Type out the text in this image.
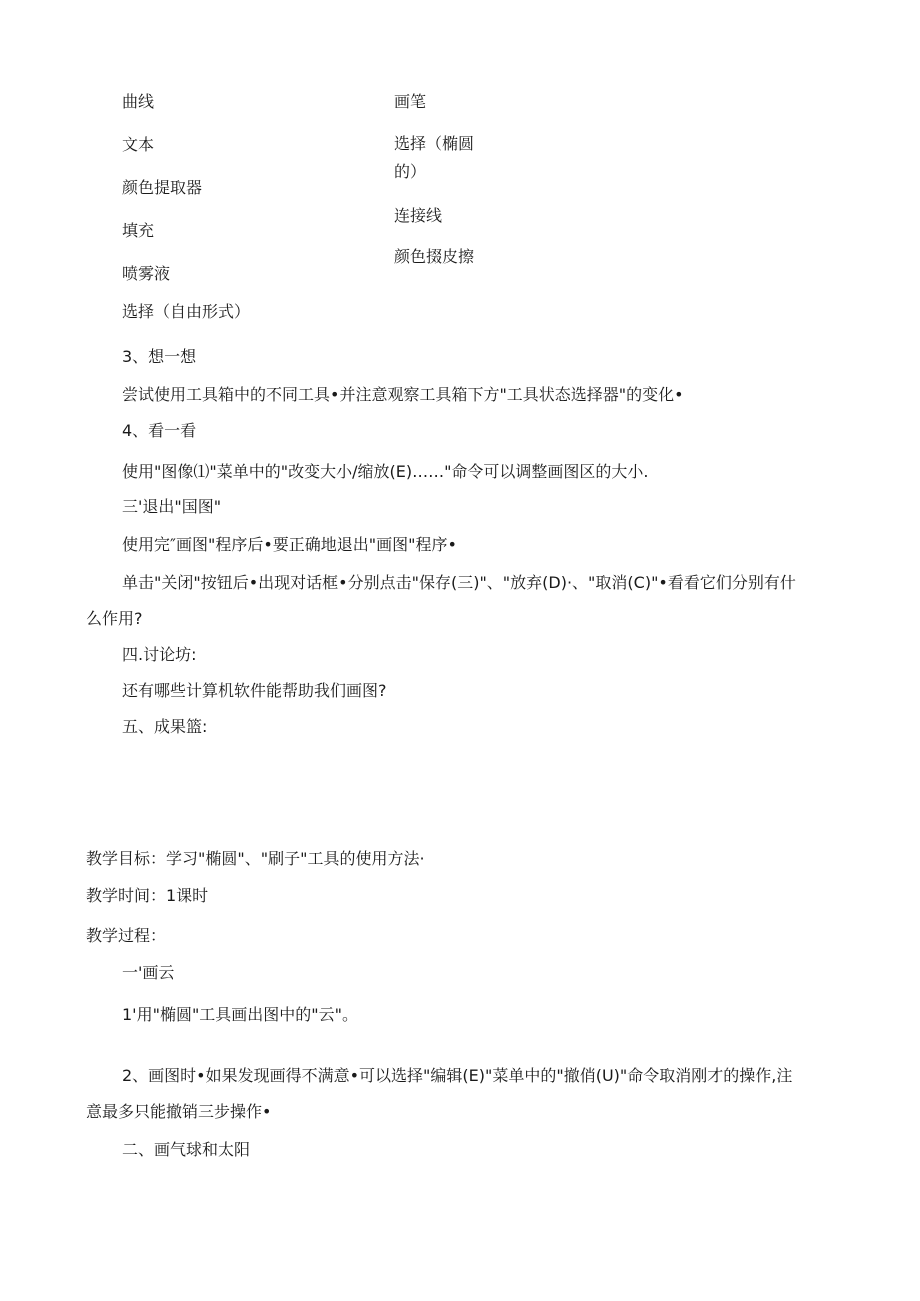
曲线
文本
颜色提取器
填充
喷雾液
选择（自由形式）
画笔
选择（椭圆
的）
连接线
颜色掇皮擦
3、想一想
尝试使用工具箱中的不同工具•并注意观察工具箱下方"工具状态选择器"的变化•
4、看一看
使用"图像⑴"菜单中的"改变大小/缩放(E)……"命令可以调整画图区的大小.
三'退出"国图"
使用完″画图"程序后•要正确地退出"画图"程序•
单击"关闭"按钮后•出现对话框•分别点击"保存(三)"、"放弃(D)·、"取消(C)"•看看它们分别有什
么作用?
四.讨论坊:
还有哪些计算机软件能帮助我们画图?
五、成果篮:
教学目标：学习"椭圆"、"刷子"工具的使用方法·
教学时间：1课时
教学过程：
一'画云
1'用"椭圆"工具画出图中的"云"。
2、画图时•如果发现画得不满意•可以选择"编辑(E)"菜单中的"撤俏(U)"命令取消刚才的操作,注
意最多只能撤销三步操作•
二、画气球和太阳
